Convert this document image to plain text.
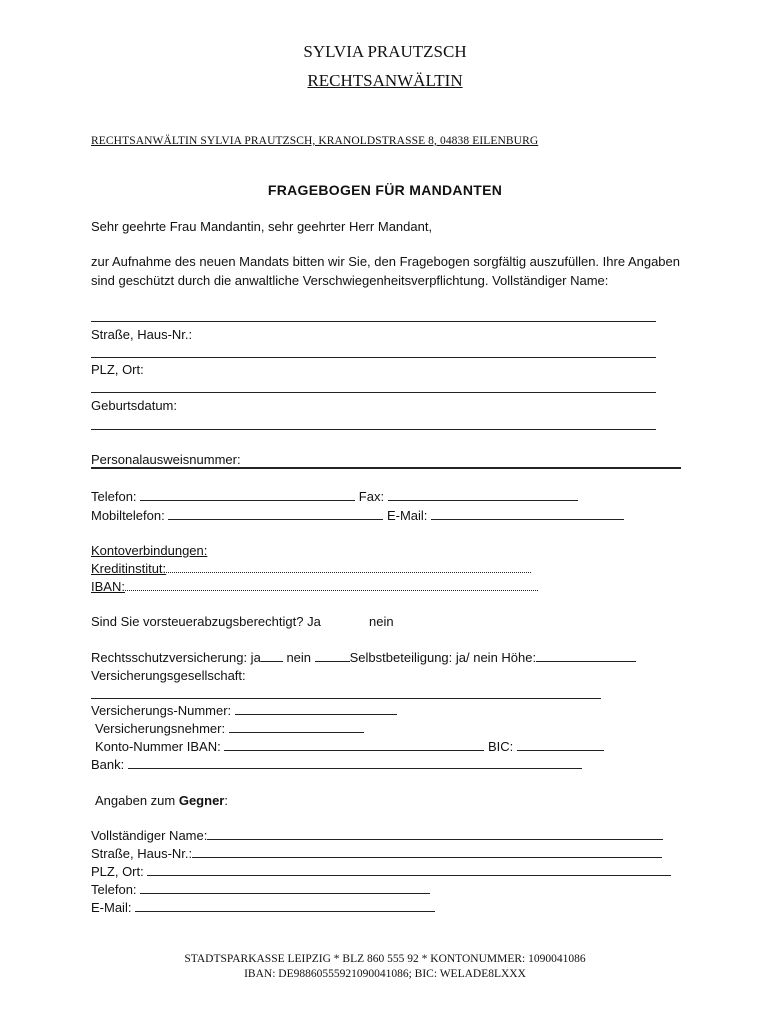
SYLVIA PRAUTZSCH
RECHTSANWÄLTIN
RECHTSANWÄLTIN SYLVIA PRAUTZSCH, KRANOLDSTRASSE 8, 04838 EILENBURG
FRAGEBOGEN FÜR MANDANTEN
Sehr geehrte Frau Mandantin, sehr geehrter Herr Mandant,
zur Aufnahme des neuen Mandats bitten wir Sie, den Fragebogen sorgfältig auszufüllen. Ihre Angaben sind geschützt durch die anwaltliche Verschwiegenheitsverpflichtung. Vollständiger Name:
Straße, Haus-Nr.:
PLZ, Ort:
Geburtsdatum:
Personalausweisnummer:
Telefon:	Fax:
Mobiltelefon:	E-Mail:
Kontoverbindungen:
Kreditinstitut:
IBAN:
Sind Sie vorsteuerabzugsberechtigt? Ja	nein
Rechtsschutzversicherung: ja nein	Selbstbeteiligung: ja/ nein Höhe:
Versicherungsgesellschaft:
Versicherungs-Nummer:
Versicherungsnehmer:
Konto-Nummer IBAN:	BIC:
Bank:
Angaben zum Gegner:
Vollständiger Name:
Straße, Haus-Nr.:
PLZ, Ort:
Telefon:
E-Mail:
STADTSPARKASSE LEIPZIG * BLZ 860 555 92 * KONTONUMMER: 1090041086
IBAN: DE98860555921090041086; BIC: WELADE8LXXX
